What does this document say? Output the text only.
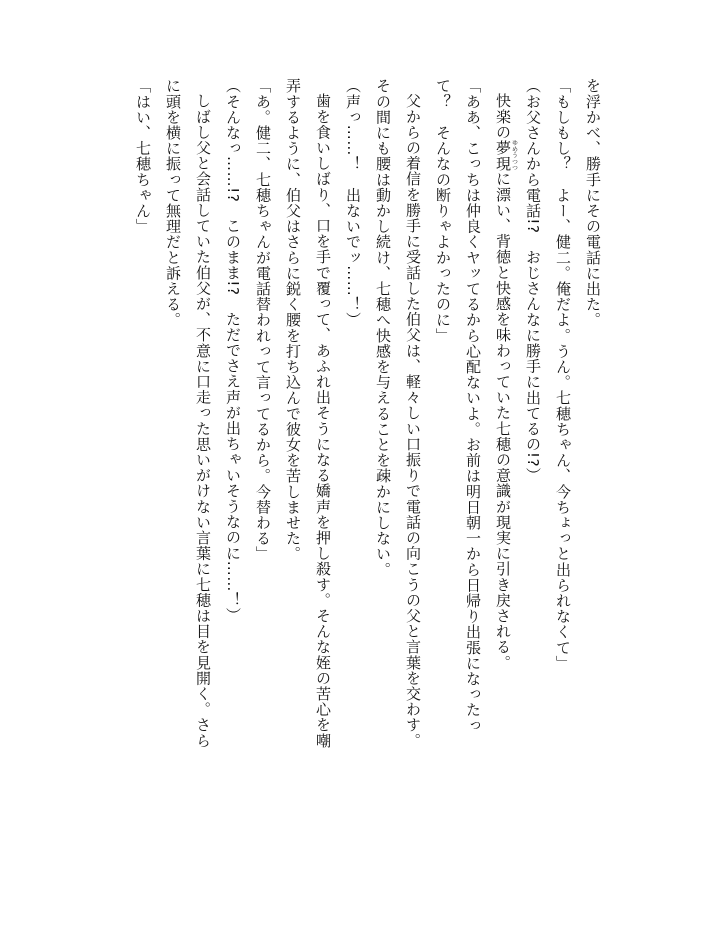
を浮かべ、勝手にその電話に出た。

「もしもし？　よー、健二。俺だよ。うん。七穂ちゃん、今ちょっと出られなくて」

（お父さんから電話!?　おじさんなに勝手に出てるの!?）

快楽の夢現ゆめうつつに漂い、背徳と快感を味わっていた七穂の意識が現実に引き戻される。

「ああ、こっちは仲良くヤッてるから心配ないよ。お前は明日朝一から日帰り出張になったっ

て？　そんなの断りゃよかったのに」

父からの着信を勝手に受話した伯父は、軽々しい口振りで電話の向こうの父と言葉を交わす。

その間にも腰は動かし続け、七穂へ快感を与えることを疎かにしない。

（声っ……！　出ないでッ……！）

歯を食いしばり、口を手で覆って、あふれ出そうになる嬌声を押し殺す。そんな姪の苦心を嘲

弄するように、伯父はさらに鋭く腰を打ち込んで彼女を苦しませた。

「あ。健二、七穂ちゃんが電話替われって言ってるから。今替わる」

（そんなっ……!?　このまま!?　ただでさえ声が出ちゃいそうなのに……！）

しばし父と会話していた伯父が、不意に口走った思いがけない言葉に七穂は目を見開く。さら

に頭を横に振って無理だと訴える。

「はい、七穂ちゃん」
